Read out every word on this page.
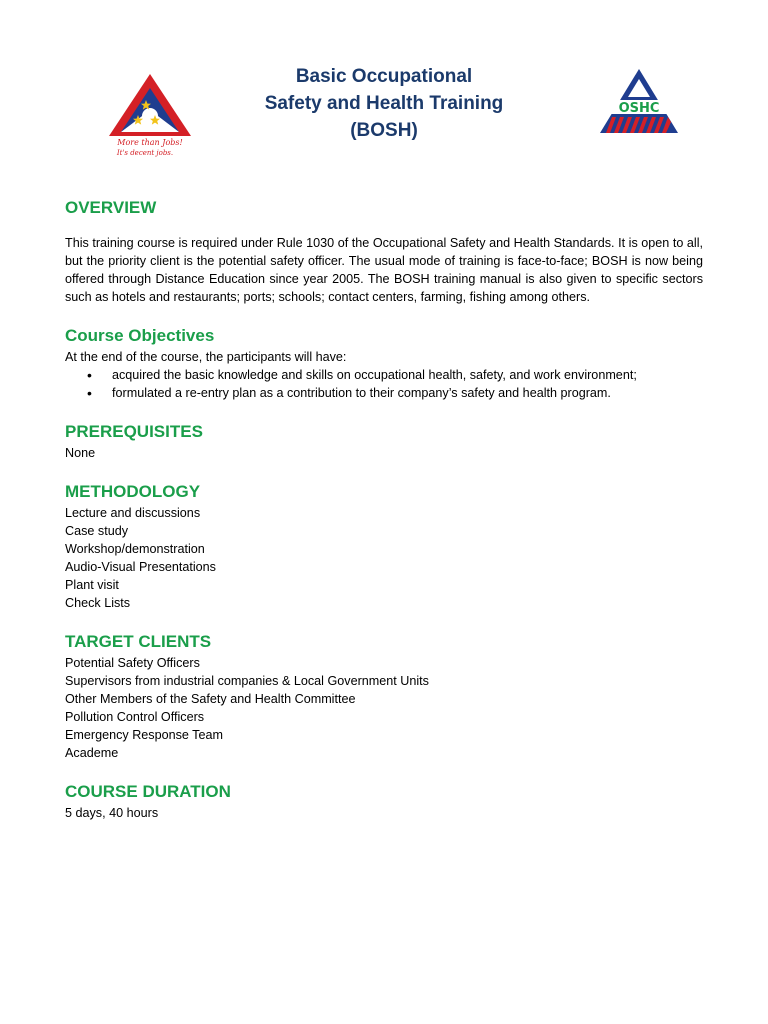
More than Jobs!
It's decent jobs.
Basic Occupational
Safety and Health Training
(BOSH)
OSHC
OVERVIEW

This training course is required under Rule 1030 of the Occupational Safety and Health Standards. It is open to all, but the priority client is the potential safety officer. The usual mode of training is face-to-face; BOSH is now being offered through Distance Education since year 2005. The BOSH training manual is also given to specific sectors such as hotels and restaurants; ports; schools; contact centers, farming, fishing among others.

Course Objectives

At the end of the course, the participants will have:

• acquired the basic knowledge and skills on occupational health, safety, and work environment;
• formulated a re-entry plan as a contribution to their company’s safety and health program.
PREREQUISITES
None
METHODOLOGY
Lecture and discussions
Case study
Workshop/demonstration
Audio-Visual Presentations
Plant visit
Check Lists
TARGET CLIENTS
Potential Safety Officers
Supervisors from industrial companies & Local Government Units
Other Members of the Safety and Health Committee
Pollution Control Officers
Emergency Response Team
Academe
COURSE DURATION
5 days, 40 hours
